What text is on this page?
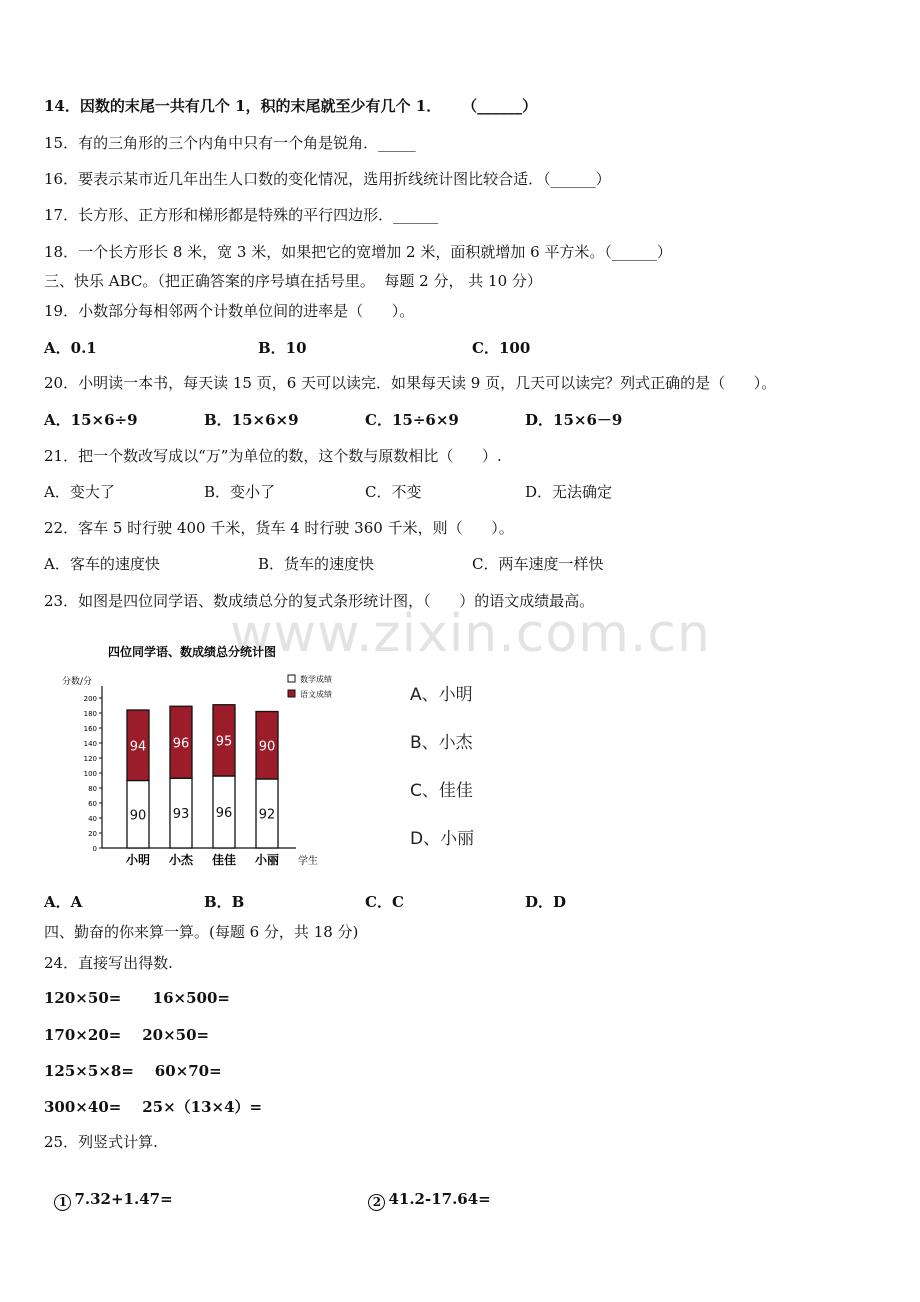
14．因数的末尾一共有几个 1，积的末尾就至少有几个 1．    （______）
15．有的三角形的三个内角中只有一个角是锐角．_____
16．要表示某市近几年出生人口数的变化情况，选用折线统计图比较合适．（______）
17．长方形、正方形和梯形都是特殊的平行四边形．______
18．一个长方形长 8 米，宽 3 米，如果把它的宽增加 2 米，面积就增加 6 平方米。（______）
三、快乐 ABC。（把正确答案的序号填在括号里。  每题 2 分， 共 10 分）
19．小数部分每相邻两个计数单位间的进率是（      ）。
A．0.1	B．10	C．100
20．小明读一本书，每天读 15 页，6 天可以读完．如果每天读 9 页，几天可以读完？列式正确的是（      ）。
A．15×6÷9	B．15×6×9	C．15÷6×9	D．15×6－9
21．把一个数改写成以“万”为单位的数，这个数与原数相比（      ）.
A．变大了	B．变小了	C．不变	D．无法确定
22．客车 5 时行驶 400 千米，货车 4 时行驶 360 千米，则（      ）。
A．客车的速度快	B．货车的速度快	C．两车速度一样快
23．如图是四位同学语、数成绩总分的复式条形统计图，（      ）的语文成绩最高。
www.zixin.com.cn
四位同学语、数成绩总分统计图
分数/分
学生
数学成绩
语文成绩
0
20
40
60
80
100
120
140
160
180
200
90
94
小明
93
96
小杰
96
95
佳佳
92
90
小丽
A、小明
B、小杰
C、佳佳
D、小丽
A．A	B．B	C．C	D．D
四、勤奋的你来算一算。(每题 6 分，共 18 分)
24．直接写出得数.
120×50=      16×500=
170×20=    20×50=
125×5×8=    60×70=
300×40=    25×（13×4）=
25．列竖式计算.

1 7.32+1.47=	2 41.2-17.64=
